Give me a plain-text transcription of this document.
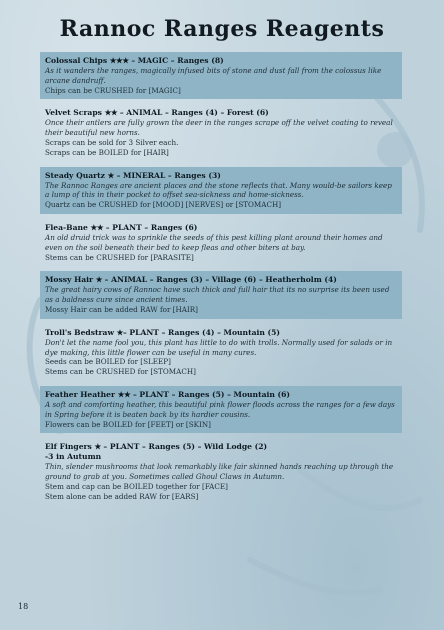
Rannoc Ranges Reagents
Colossal Chips ★★★ – MAGIC – Ranges (8)

As it wanders the ranges, magically infused bits of stone and dust fall from the colossus like arcane dandruff.

Chips can be CRUSHED for [MAGIC]
Velvet Scraps ★★ – ANIMAL – Ranges (4) – Forest (6)

Once their antlers are fully grown the deer in the ranges scrape off the velvet coating to reveal their beautiful new horns.

Scraps can be sold for 3 Silver each.
Scraps can be BOILED for [HAIR]
Steady Quartz ★ – MINERAL – Ranges (3)

The Rannoc Ranges are ancient places and the stone reflects that. Many would-be sailors keep a lump of this in their pocket to offset sea-sickness and home-sickness.

Quartz can be CRUSHED for [MOOD] [NERVES] or [STOMACH]
Flea-Bane ★★ – PLANT – Ranges (6)

An old druid trick was to sprinkle the seeds of this pest killing plant around their homes and even on the soil beneath their bed to keep fleas and other biters at bay.

Stems can be CRUSHED for [PARASITE]
Mossy Hair ★ – ANIMAL – Ranges (3) – Village (6) – Heatherholm (4)

The great hairy cows of Rannoc have such thick and full hair that its no surprise its been used as a baldness cure since ancient times.

Mossy Hair can be added RAW for [HAIR]
Troll's Bedstraw ★– PLANT – Ranges (4) – Mountain (5)

Don't let the name fool you, this plant has little to do with trolls. Normally used for salads or in dye making, this little flower can be useful in many cures.

Seeds can be BOILED for [SLEEP]
Stems can be CRUSHED for [STOMACH]
Feather Heather ★★ – PLANT – Ranges (5) – Mountain (6)

A soft and comforting heather, this beautiful pink flower floods across the ranges for a few days in Spring before it is beaten back by its hardier cousins.

Flowers can be BOILED for [FEET] or [SKIN]
Elf Fingers ★ – PLANT – Ranges (5) – Wild Lodge (2)
-3 in Autumn

Thin, slender mushrooms that look remarkably like fair skinned hands reaching up through the ground to grab at you. Sometimes called Ghoul Claws in Autumn.

Stem and cap can be BOILED together for [FACE]
Stem alone can be added RAW for [EARS]
18
